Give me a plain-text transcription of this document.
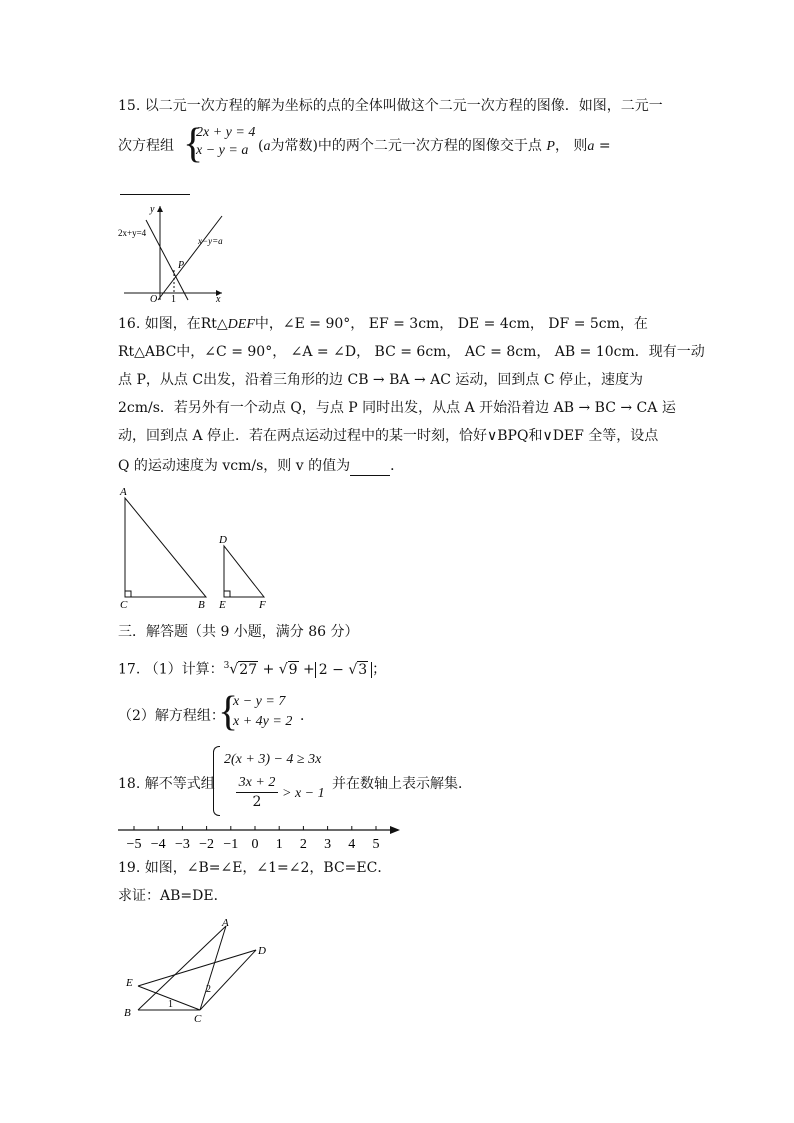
15. 以二元一次方程的解为坐标的点的全体叫做这个二元一次方程的图像．如图，二元一
次方程组 {
2x + y = 4
x − y = a (a为常数)中的两个二元一次方程的图像交于点 P， 则a =
y
x
O 1
P
2x+y=4
x−y=a
16. 如图，在Rt△DEF中，∠E = 90°， EF = 3cm， DE = 4cm， DF = 5cm，在
Rt△ABC中，∠C = 90°， ∠A = ∠D， BC = 6cm， AC = 8cm， AB = 10cm．现有一动
点 P，从点 C出发，沿着三角形的边 CB → BA → AC 运动，回到点 C 停止，速度为
2cm/s．若另外有一个动点 Q，与点 P 同时出发，从点 A 开始沿着边 AB → BC → CA 运
动，回到点 A 停止．若在两点运动过程中的某一时刻，恰好∨BPQ和∨DEF 全等，设点
Q 的运动速度为 vcm/s，则 v 的值为	．
A
C	B
D
E	F
三．解答题（共 9 小题，满分 86 分）
17. （1）计算：$^3$√27 + √9 + 2 − √3 ；
（2）解方程组：
{
x − y = 7
x + 4y = 2 ．
18. 解不等式组
2(x + 3) − 4 ≥ 3x
$\frac{3x + 2}{2} > x - 1$
并在数轴上表示解集．
−5 −4 −3 −2 −1 0 1 2 3 4 5
19. 如图，∠B=∠E，∠1=∠2，BC=EC．
求证：AB=DE．
A
D
E
B	C
1
2
